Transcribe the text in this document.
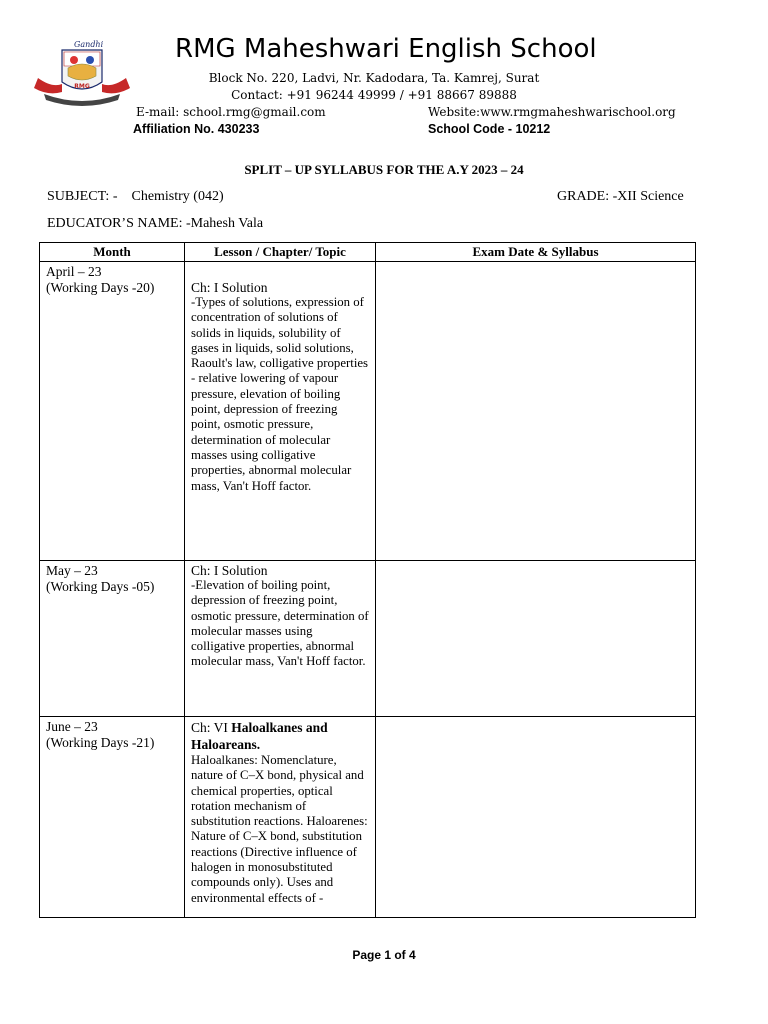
Gandhi
RMG
RMG Maheshwari English School
Block No. 220, Ladvi, Nr. Kadodara, Ta. Kamrej, Surat
Contact: +91 96244 49999 / +91 88667 89888
E-mail: school.rmg@gmail.com	Website:www.rmgmaheshwarischool.org
Affiliation No. 430233	School Code - 10212
SPLIT – UP SYLLABUS FOR THE A.Y 2023 – 24
SUBJECT: -    Chemistry (042)	GRADE: -XII Science
EDUCATOR’S NAME: -Mahesh Vala
Month	Lesson / Chapter/ Topic	Exam Date & Syllabus

April – 23
(Working Days -20)	Ch: I Solution
-Types of solutions, expression of concentration of solutions of solids in liquids, solubility of gases in liquids, solid solutions, Raoult's law, colligative properties - relative lowering of vapour pressure, elevation of boiling point, depression of freezing point, osmotic pressure, determination of molecular masses using colligative properties, abnormal molecular mass, Van't Hoff factor.	

May – 23
(Working Days -05)	Ch: I Solution
-Elevation of boiling point, depression of freezing point, osmotic pressure, determination of molecular masses using colligative properties, abnormal molecular mass, Van't Hoff factor.	

June – 23
(Working Days -21)	Ch: VI Haloalkanes and Haloareans.
Haloalkanes: Nomenclature, nature of C–X bond, physical and chemical properties, optical rotation mechanism of substitution reactions. Haloarenes: Nature of C–X bond, substitution reactions (Directive influence of halogen in monosubstituted compounds only). Uses and environmental effects of -	

Page 1 of 4
